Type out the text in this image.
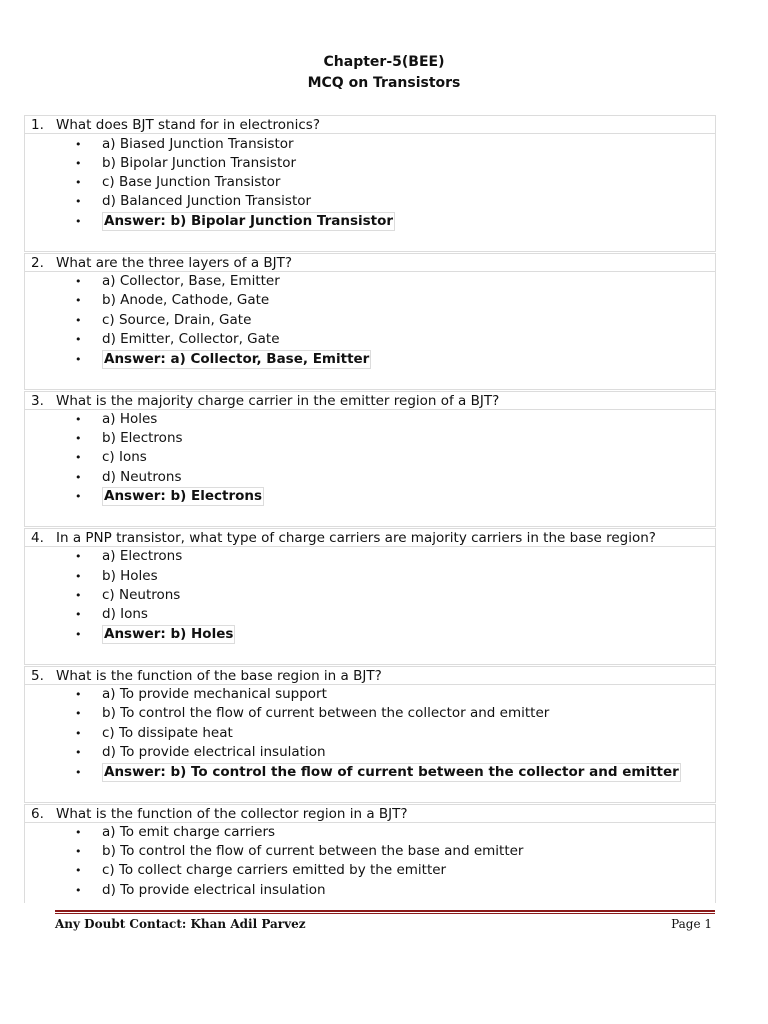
Chapter-5(BEE)
MCQ on Transistors
1. What does BJT stand for in electronics?
• a) Biased Junction Transistor
• b) Bipolar Junction Transistor
• c) Base Junction Transistor
• d) Balanced Junction Transistor
• Answer: b) Bipolar Junction Transistor
2. What are the three layers of a BJT?
• a) Collector, Base, Emitter
• b) Anode, Cathode, Gate
• c) Source, Drain, Gate
• d) Emitter, Collector, Gate
• Answer: a) Collector, Base, Emitter
3. What is the majority charge carrier in the emitter region of a BJT?
• a) Holes
• b) Electrons
• c) Ions
• d) Neutrons
• Answer: b) Electrons
4. In a PNP transistor, what type of charge carriers are majority carriers in the base region?
• a) Electrons
• b) Holes
• c) Neutrons
• d) Ions
• Answer: b) Holes
5. What is the function of the base region in a BJT?
• a) To provide mechanical support
• b) To control the flow of current between the collector and emitter
• c) To dissipate heat
• d) To provide electrical insulation
• Answer: b) To control the flow of current between the collector and emitter
6. What is the function of the collector region in a BJT?
• a) To emit charge carriers
• b) To control the flow of current between the base and emitter
• c) To collect charge carriers emitted by the emitter
• d) To provide electrical insulation
Any Doubt Contact: Khan Adil Parvez	Page 1
